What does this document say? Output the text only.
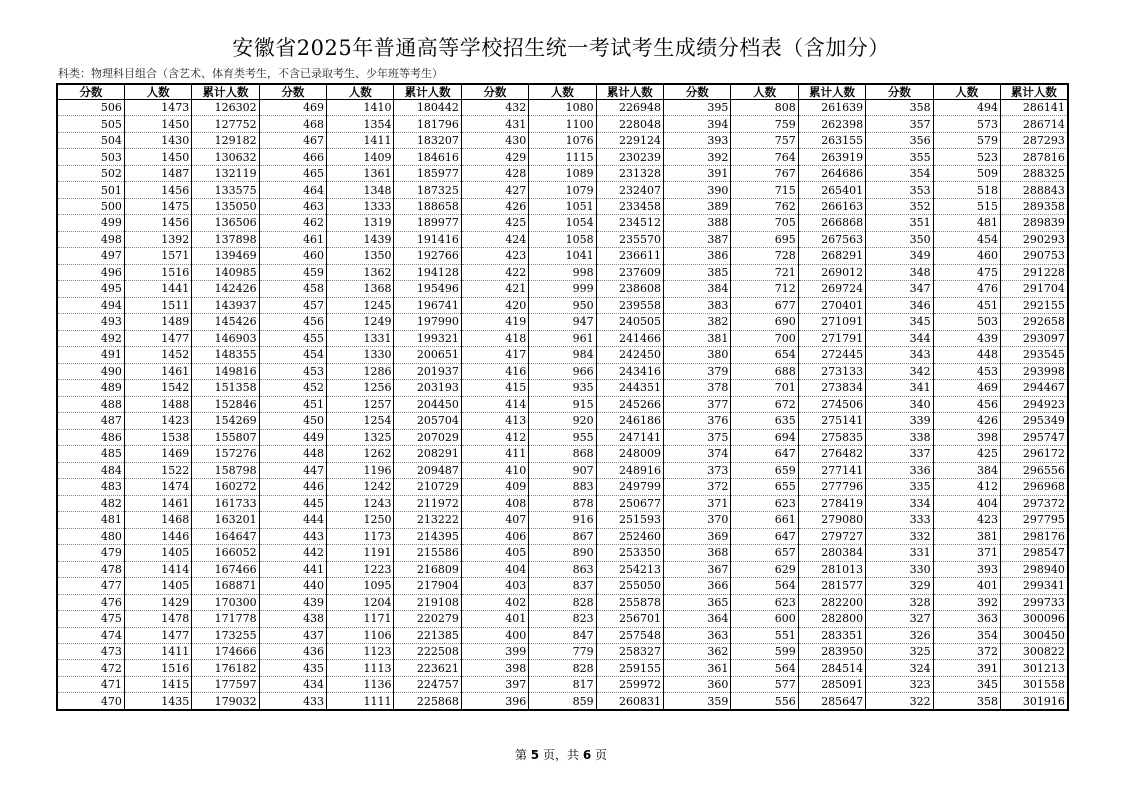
安徽省2025年普通高等学校招生统一考试考生成绩分档表（含加分）
科类：物理科目组合（含艺术、体育类考生，不含已录取考生、少年班等考生）
分数	人数	累计人数	分数	人数	累计人数	分数	人数	累计人数	分数	人数	累计人数	分数	人数	累计人数
506	1473	126302	469	1410	180442	432	1080	226948	395	808	261639	358	494	286141
505	1450	127752	468	1354	181796	431	1100	228048	394	759	262398	357	573	286714
504	1430	129182	467	1411	183207	430	1076	229124	393	757	263155	356	579	287293
503	1450	130632	466	1409	184616	429	1115	230239	392	764	263919	355	523	287816
502	1487	132119	465	1361	185977	428	1089	231328	391	767	264686	354	509	288325
501	1456	133575	464	1348	187325	427	1079	232407	390	715	265401	353	518	288843
500	1475	135050	463	1333	188658	426	1051	233458	389	762	266163	352	515	289358
499	1456	136506	462	1319	189977	425	1054	234512	388	705	266868	351	481	289839
498	1392	137898	461	1439	191416	424	1058	235570	387	695	267563	350	454	290293
497	1571	139469	460	1350	192766	423	1041	236611	386	728	268291	349	460	290753
496	1516	140985	459	1362	194128	422	998	237609	385	721	269012	348	475	291228
495	1441	142426	458	1368	195496	421	999	238608	384	712	269724	347	476	291704
494	1511	143937	457	1245	196741	420	950	239558	383	677	270401	346	451	292155
493	1489	145426	456	1249	197990	419	947	240505	382	690	271091	345	503	292658
492	1477	146903	455	1331	199321	418	961	241466	381	700	271791	344	439	293097
491	1452	148355	454	1330	200651	417	984	242450	380	654	272445	343	448	293545
490	1461	149816	453	1286	201937	416	966	243416	379	688	273133	342	453	293998
489	1542	151358	452	1256	203193	415	935	244351	378	701	273834	341	469	294467
488	1488	152846	451	1257	204450	414	915	245266	377	672	274506	340	456	294923
487	1423	154269	450	1254	205704	413	920	246186	376	635	275141	339	426	295349
486	1538	155807	449	1325	207029	412	955	247141	375	694	275835	338	398	295747
485	1469	157276	448	1262	208291	411	868	248009	374	647	276482	337	425	296172
484	1522	158798	447	1196	209487	410	907	248916	373	659	277141	336	384	296556
483	1474	160272	446	1242	210729	409	883	249799	372	655	277796	335	412	296968
482	1461	161733	445	1243	211972	408	878	250677	371	623	278419	334	404	297372
481	1468	163201	444	1250	213222	407	916	251593	370	661	279080	333	423	297795
480	1446	164647	443	1173	214395	406	867	252460	369	647	279727	332	381	298176
479	1405	166052	442	1191	215586	405	890	253350	368	657	280384	331	371	298547
478	1414	167466	441	1223	216809	404	863	254213	367	629	281013	330	393	298940
477	1405	168871	440	1095	217904	403	837	255050	366	564	281577	329	401	299341
476	1429	170300	439	1204	219108	402	828	255878	365	623	282200	328	392	299733
475	1478	171778	438	1171	220279	401	823	256701	364	600	282800	327	363	300096
474	1477	173255	437	1106	221385	400	847	257548	363	551	283351	326	354	300450
473	1411	174666	436	1123	222508	399	779	258327	362	599	283950	325	372	300822
472	1516	176182	435	1113	223621	398	828	259155	361	564	284514	324	391	301213
471	1415	177597	434	1136	224757	397	817	259972	360	577	285091	323	345	301558
470	1435	179032	433	1111	225868	396	859	260831	359	556	285647	322	358	301916
第 5 页，共 6 页
